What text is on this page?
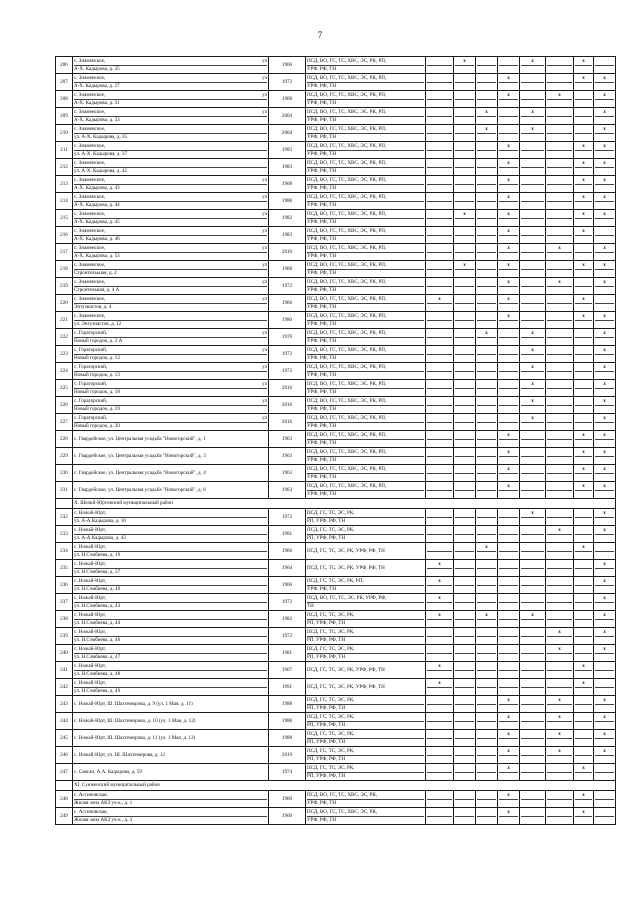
7
206	с. Знаменское, ул
А-Х. Кадырова, д. 35	1966	ПСД, ВО, ГС, ТС, ХВС, ЭС, РК, РП,
УРФ, РФ, ТН		x			x		x	

207	с. Знаменское, ул
А-Х. Кадырова, д. 27	1972	ПСД, ВО, ГС, ТС, ХВС, ЭС, РК, РП,
УРФ, РФ, ТН				x			x	x

208	с. Знаменское, ул
А-Х. Кадырова, д. 31	1968	ПСД, ВО, ГС, ТС, ХВС, ЭС, РК, РП,
УРФ, РФ, ТН				x		x		x

209	с. Знаменское, ул
А-Х. Кадырова, д. 33	2004	ПСД, ВО, ГС, ТС, ХВС, ЭС, РК, РП,
УРФ, РФ, ТН			x		x			x

210	с. Знаменское,
ул. А-Х. Кадырова, д. 35	2004	ПСД, ВО, ГС, ТС, ХВС, ЭС, РК, РП,
УРФ, РФ, ТН			x		x			x

211	с. Знаменское,
ул. А-Х. Кадырова, д. 37	1983	ПСД, ВО, ГС, ТС, ХВС, ЭС, РК, РП,
УРФ, РФ, ТН				x			x	x

212	с. Знаменское,
ул. А-Х. Кадырова, д. 42	1983	ПСД, ВО, ГС, ТС, ХВС, ЭС, РК, РП,
УРФ, РФ, ТН				x			x	x

213	с. Знаменское, ул
А-Х. Кадырова, д. 43	1968	ПСД, ВО, ГС, ТС, ХВС, ЭС, РК, РП,
УРФ, РФ, ТН				x			x	x

214	с. Знаменское, ул
А-Х. Кадырова, д. 44	1988	ПСД, ВО, ГС, ТС, ХВС, ЭС, РК, РП,
УРФ, РФ, ТН				x			x	x

215	с. Знаменское, ул
А-Х. Кадырова, д. 45	1982	ПСД, ВО, ГС, ТС, ХВС, ЭС, РК, РП,
УРФ, РФ, ТН		x		x			x	x

216	с. Знаменское, ул
А-Х. Кадырова, д. 46	1983	ПСД, ВО, ГС, ТС, ХВС, ЭС, РК, РП,
УРФ, РФ, ТН				x			x	

217	с. Знаменское, ул
А-Х. Кадырова, д. 53	2010	ПСД, ВО, ГС, ТС, ХВС, ЭС, РК, РП,
УРФ, РФ, ТН				x		x		x

218	с. Знаменское, ул
Строителььная, д. 2	1968	ПСД, ВО, ГС, ТС, ХВС, ЭС, РК, РП,
УРФ, РФ, ТН		x		x			x	x

219	с. Знаменское, ул
Строительная, д. 4 А	1972	ПСД, ВО, ГС, ТС, ХВС, ЭС, РК, РП,
УРФ, РФ, ТН				x		x		x

220	с. Знаменское, ул
Энтузиастов, д. 4	1966	ПСД, ВО, ГС, ТС, ХВС, ЭС, РК, РП,
УРФ, РФ, ТН	x			x			x	

221	с. Знаменское,
ул. Энтузиастов, д. 12	1980	ПСД, ВО, ГС, ТС, ХВС, ЭС, РК, РП,
УРФ, РФ, ТН				x			x	x

222	с. Горагорский, ул
Новый городок, д. 2 А	1970	ПСД, ВО, ГС, ТС, ХВС, ЭС, РК, РП,
УРФ, РФ, ТН			x		x			x

223	с. Горагорский, ул
Новый городок, д. 12	1972	ПСД, ВО, ГС, ТС, ХВС, ЭС, РК, РП,
УРФ, РФ, ТН					x			x

224	с. Горагорский, ул
Новый городок, д. 13	1973	ПСД, ВО, ГС, ТС, ХВС, ЭС, РК, РП,
УРФ, РФ, ТН					x			x

225	с. Горагорский, ул
Новый городок, д. 18	2016	ПСД, ВО, ГС, ТС, ХВС, ЭС, РК, РП,
УРФ, РФ, ТН					x			x

226	с. Горагорский, ул
Новый городок, д. 19	2016	ПСД, ВО, ГС, ТС, ХВС, ЭС, РК, РП,
УРФ, РФ, ТН					x			x

227	с. Горагорский, ул
Новый городок, д. 20	2016	ПСД, ВО, ГС, ТС, ХВС, ЭС, РК, РП,
УРФ, РФ, ТН					x			x

228	с. Гвардейское, ул. Центральная усадьба "Новогорский", д. 1	1963	ПСД, ВО, ГС, ТС, ХВС, ЭС, РК, РП,
УРФ, РФ, ТН				x			x	x

229	с. Гвардейское, ул. Центральная усадьба "Новогорский", д. 3	1963	ПСД, ВО, ГС, ТС, ХВС, ЭС, РК, РП,
УРФ, РФ, ТН				x			x	x

230	с. Гвардейское, ул. Центральная усадьба "Новогорский", д. 4	1963	ПСД, ВО, ГС, ТС, ХВС, ЭС, РК, РП,
УРФ, РФ, ТН				x			x	x

231	с. Гвардейское, ул. Центральная усадьба "Новогорский", д. 6	1963	ПСД, ВО, ГС, ТС, ХВС, ЭС, РК, РП,
УРФ, РФ, ТН				x			x	x

	X. Шелкй-Юртовский муниципальный район										
232	с. Ножай-Юрт,
ул. А-А Кадырова, д. 10	1972	ПСД, ГС, ТС, ЭС, РК,
РП, УРФ, РФ, ТН					x			x

233	с. Ножай-Юрт,
ул. А-А Кадырова, д. 43	1981	ПСД, ГС, ТС, ЭС, РК,
РП, УРФ, РФ, ТН						x		x

234	с. Ножай-Юрт,
ул. Н.Сэмбиева, д. 19	1966	ПСД, ГС, ТС, ЭС, РК, УРФ, РФ, ТН			x				x	

235	с. Ножай-Юрт,
ул. Н.Сэмбиева, д. 37	1964	ПСД, ГС, ТС, ЭС, РК, УРФ, РФ, ТН	x							x

236	с. Ножай-Юрт,
ул. Н.Сэмбиева, д. 40	1966	ПСД, ГС, ТС, ЭС, РК, РП,
УРФ, РФ, ТН	x							x

237	с. Ножай-Юрт,
ул. Н.Сэмбиева, д. 43	1972	ПСД, ВО, ГС, ТС, ЭС, РК, УРФ, РФ,
ТН	x							x

238	с. Ножай-Юрт,
ул. Н.Сэмбиева, д. 44	1982	ПСД, ГС, ТС, ЭС, РК,
РП, УРФ, РФ, ТН	x		x		x			x

239	с. Ножай-Юрт,
ул. Н.Сэмбиева, д. 46	1972	ПСД, ГС, ТС, ЭС, РК,
РП, УРФ, РФ, ТН						x		x

240	с. Ножай-Юрт,
ул. Н.Сэмбиева, д. 47	1981	ПСД, ГС, ТС, ЭС, РК,
РП, УРФ, РФ, ТН						x		x

241	с. Ножай-Юрт,
ул. Н.Сэмбиева, д. 48	1967	ПСД, ГС, ТС, ЭС, РК, УРФ, РФ, ТН	x						x	

242	с. Ножай-Юрт,
ул. Н.Сэмбиева, д. 49	1991	ПСД, ГС, ТС, ЭС, РК, УРФ, РФ, ТН	x						x	

243	с. Ножай-Юрт, Ш. Шахтемирова, д. 9 (ул. 1 Мая, д. 11)	1988	ПСД, ГС, ТС, ЭС, РК,
РП, УРФ, РФ, ТН				x		x		x

244	с. Ножай-Юрт, Ш. Шахтемирова, д. 10 (ул. 1 Мая, д. 12)	1988	ПСД, ГС, ТС, ЭС, РК,
РП, УРФ, РФ, ТН				x		x		x

245	с. Ножай-Юрт, Ш. Шахтемирова, д. 11 (ул. 1 Мая, д. 13)	1988	ПСД, ГС, ТС, ЭС, РК,
РП, УРФ, РФ, ТН				x		x		x

246	с. Ножай-Юрт, ул. Ш. Шахтемирова, д. 12	2019	ПСД, ГС, ТС, ЭС, РК,
РП, УРФ, РФ, ТН				x		x		x

247	с. Саясан, А.А. Кадырова, д. 59	1974	ПСД, ГС, ТС, ЭС, РК,
РП, УРФ, РФ, ТН				x			x	

	XI. Сунженский муниципальный район										
248	с. Ассиновская,
Жилая зона АКЗ уч-к., д. 1	1960	ПСД, ВО, ГС, ТС, ХВС, ЭС, РК,
УРФ, РФ, ТН				x			x	

249	с. Ассиновская,
Жилая зона АКЗ уч-к., д. 3	1960	ПСД, ВО, ГС, ТС, ХВС, ЭС, РК,
УРФ, РФ, ТН				x			x	
